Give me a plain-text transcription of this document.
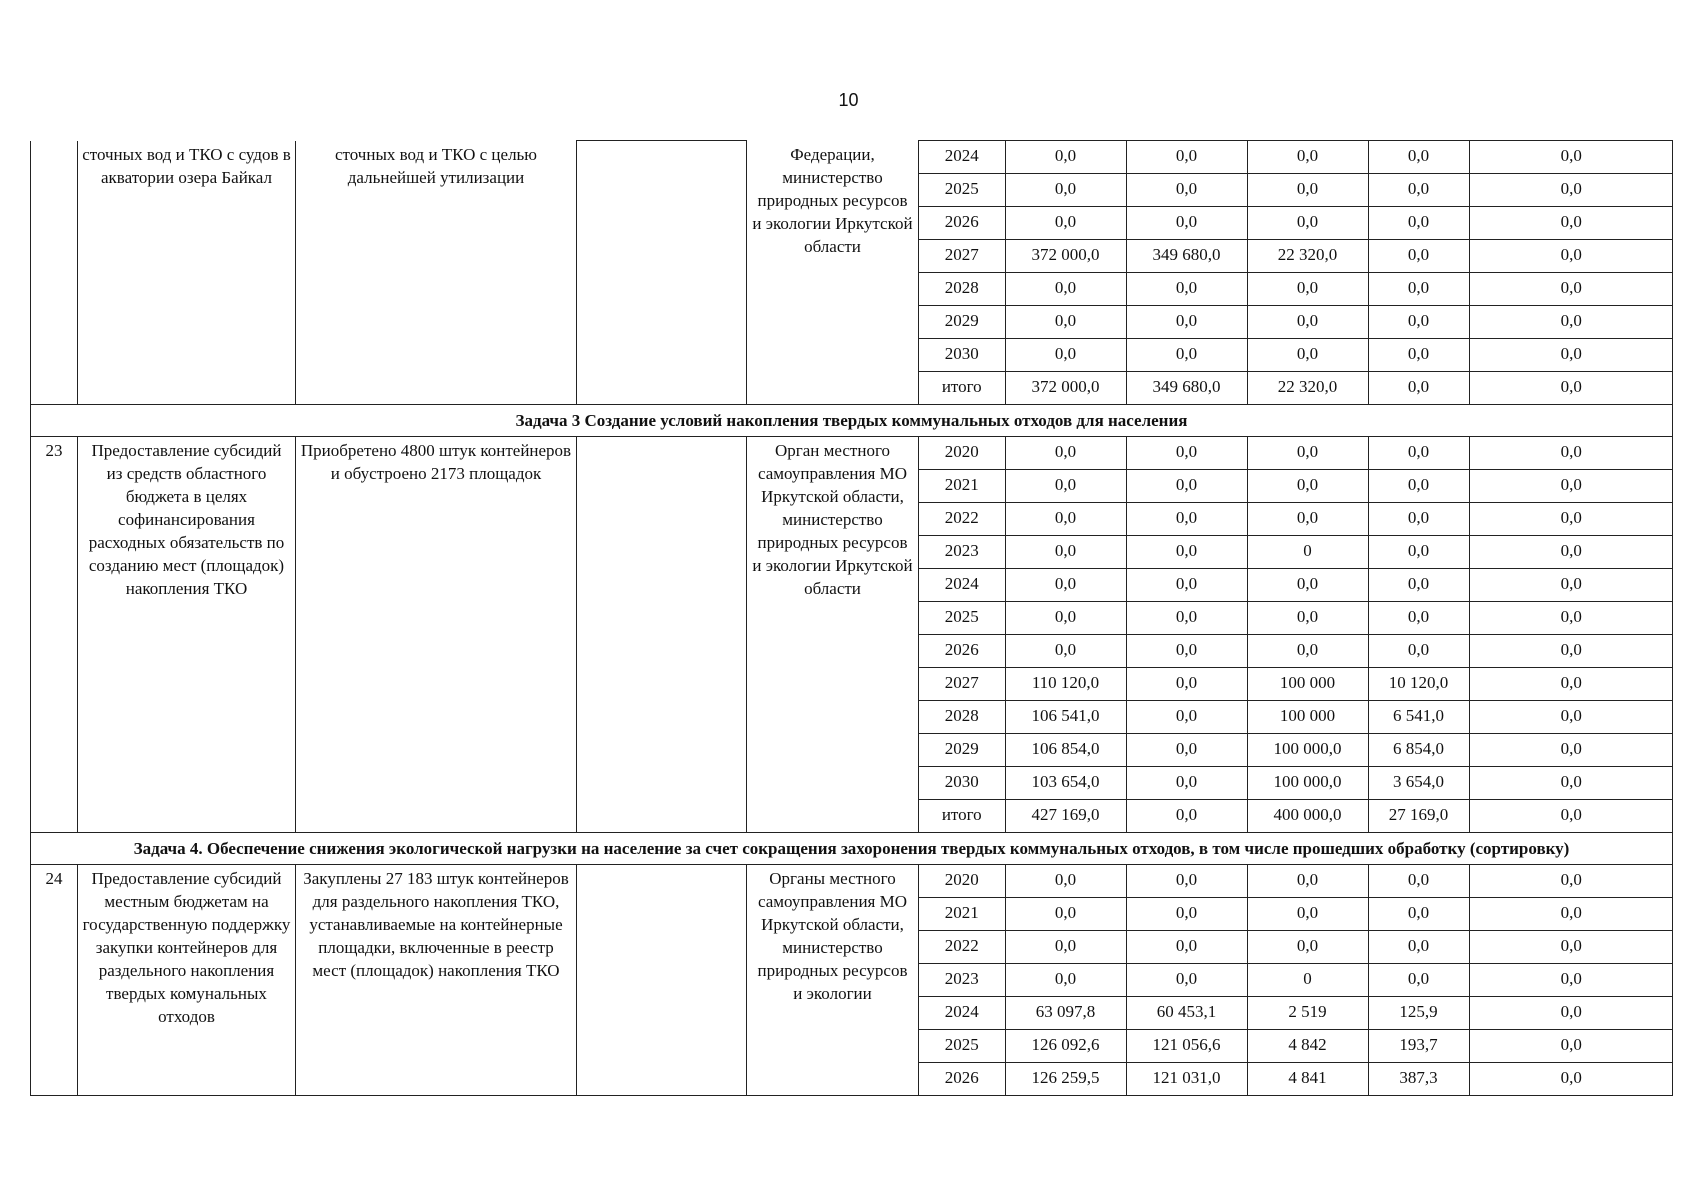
10
	сточных вод и ТКО с судов в акватории озера Байкал	сточных вод и ТКО с целью дальнейшей утилизации		Федерации, министерство природных ресурсов и экологии Иркутской области	
2024	0,0	0,0	0,0	0,0	0,0
2025	0,0	0,0	0,0	0,0	0,0
2026	0,0	0,0	0,0	0,0	0,0
2027	372 000,0	349 680,0	22 320,0	0,0	0,0
2028	0,0	0,0	0,0	0,0	0,0
2029	0,0	0,0	0,0	0,0	0,0
2030	0,0	0,0	0,0	0,0	0,0
итого	372 000,0	349 680,0	22 320,0	0,0	0,0

Задача 3 Создание условий накопления твердых коммунальных отходов для населения
23	Предоставление субсидий из средств областного бюджета в целях софинансирования расходных обязательств по созданию мест (площадок) накопления ТКО	Приобретено 4800 штук контейнеров и обустроено 2173 площадок		Орган местного самоуправления МО Иркутской области, министерство природных ресурсов и экологии Иркутской области	
2020	0,0	0,0	0,0	0,0	0,0
2021	0,0	0,0	0,0	0,0	0,0
2022	0,0	0,0	0,0	0,0	0,0
2023	0,0	0,0	0	0,0	0,0
2024	0,0	0,0	0,0	0,0	0,0
2025	0,0	0,0	0,0	0,0	0,0
2026	0,0	0,0	0,0	0,0	0,0
2027	110 120,0	0,0	100 000	10 120,0	0,0
2028	106 541,0	0,0	100 000	6 541,0	0,0
2029	106 854,0	0,0	100 000,0	6 854,0	0,0
2030	103 654,0	0,0	100 000,0	3 654,0	0,0
итого	427 169,0	0,0	400 000,0	27 169,0	0,0

Задача 4. Обеспечение снижения экологической нагрузки на население за счет сокращения захоронения твердых коммунальных отходов, в том числе прошедших обработку (сортировку)
24	Предоставление субсидий местным бюджетам на государственную поддержку закупки контейнеров для раздельного накопления твердых комунальных отходов	Закуплены 27 183 штук контейнеров для раздельного накопления ТКО, устанавливаемые на контейнерные площадки, включенные в реестр мест (площадок) накопления ТКО		Органы местного самоуправления МО Иркутской области, министерство природных ресурсов и экологии	
2020	0,0	0,0	0,0	0,0	0,0
2021	0,0	0,0	0,0	0,0	0,0
2022	0,0	0,0	0,0	0,0	0,0
2023	0,0	0,0	0	0,0	0,0
2024	63 097,8	60 453,1	2 519	125,9	0,0
2025	126 092,6	121 056,6	4 842	193,7	0,0
2026	126 259,5	121 031,0	4 841	387,3	0,0
